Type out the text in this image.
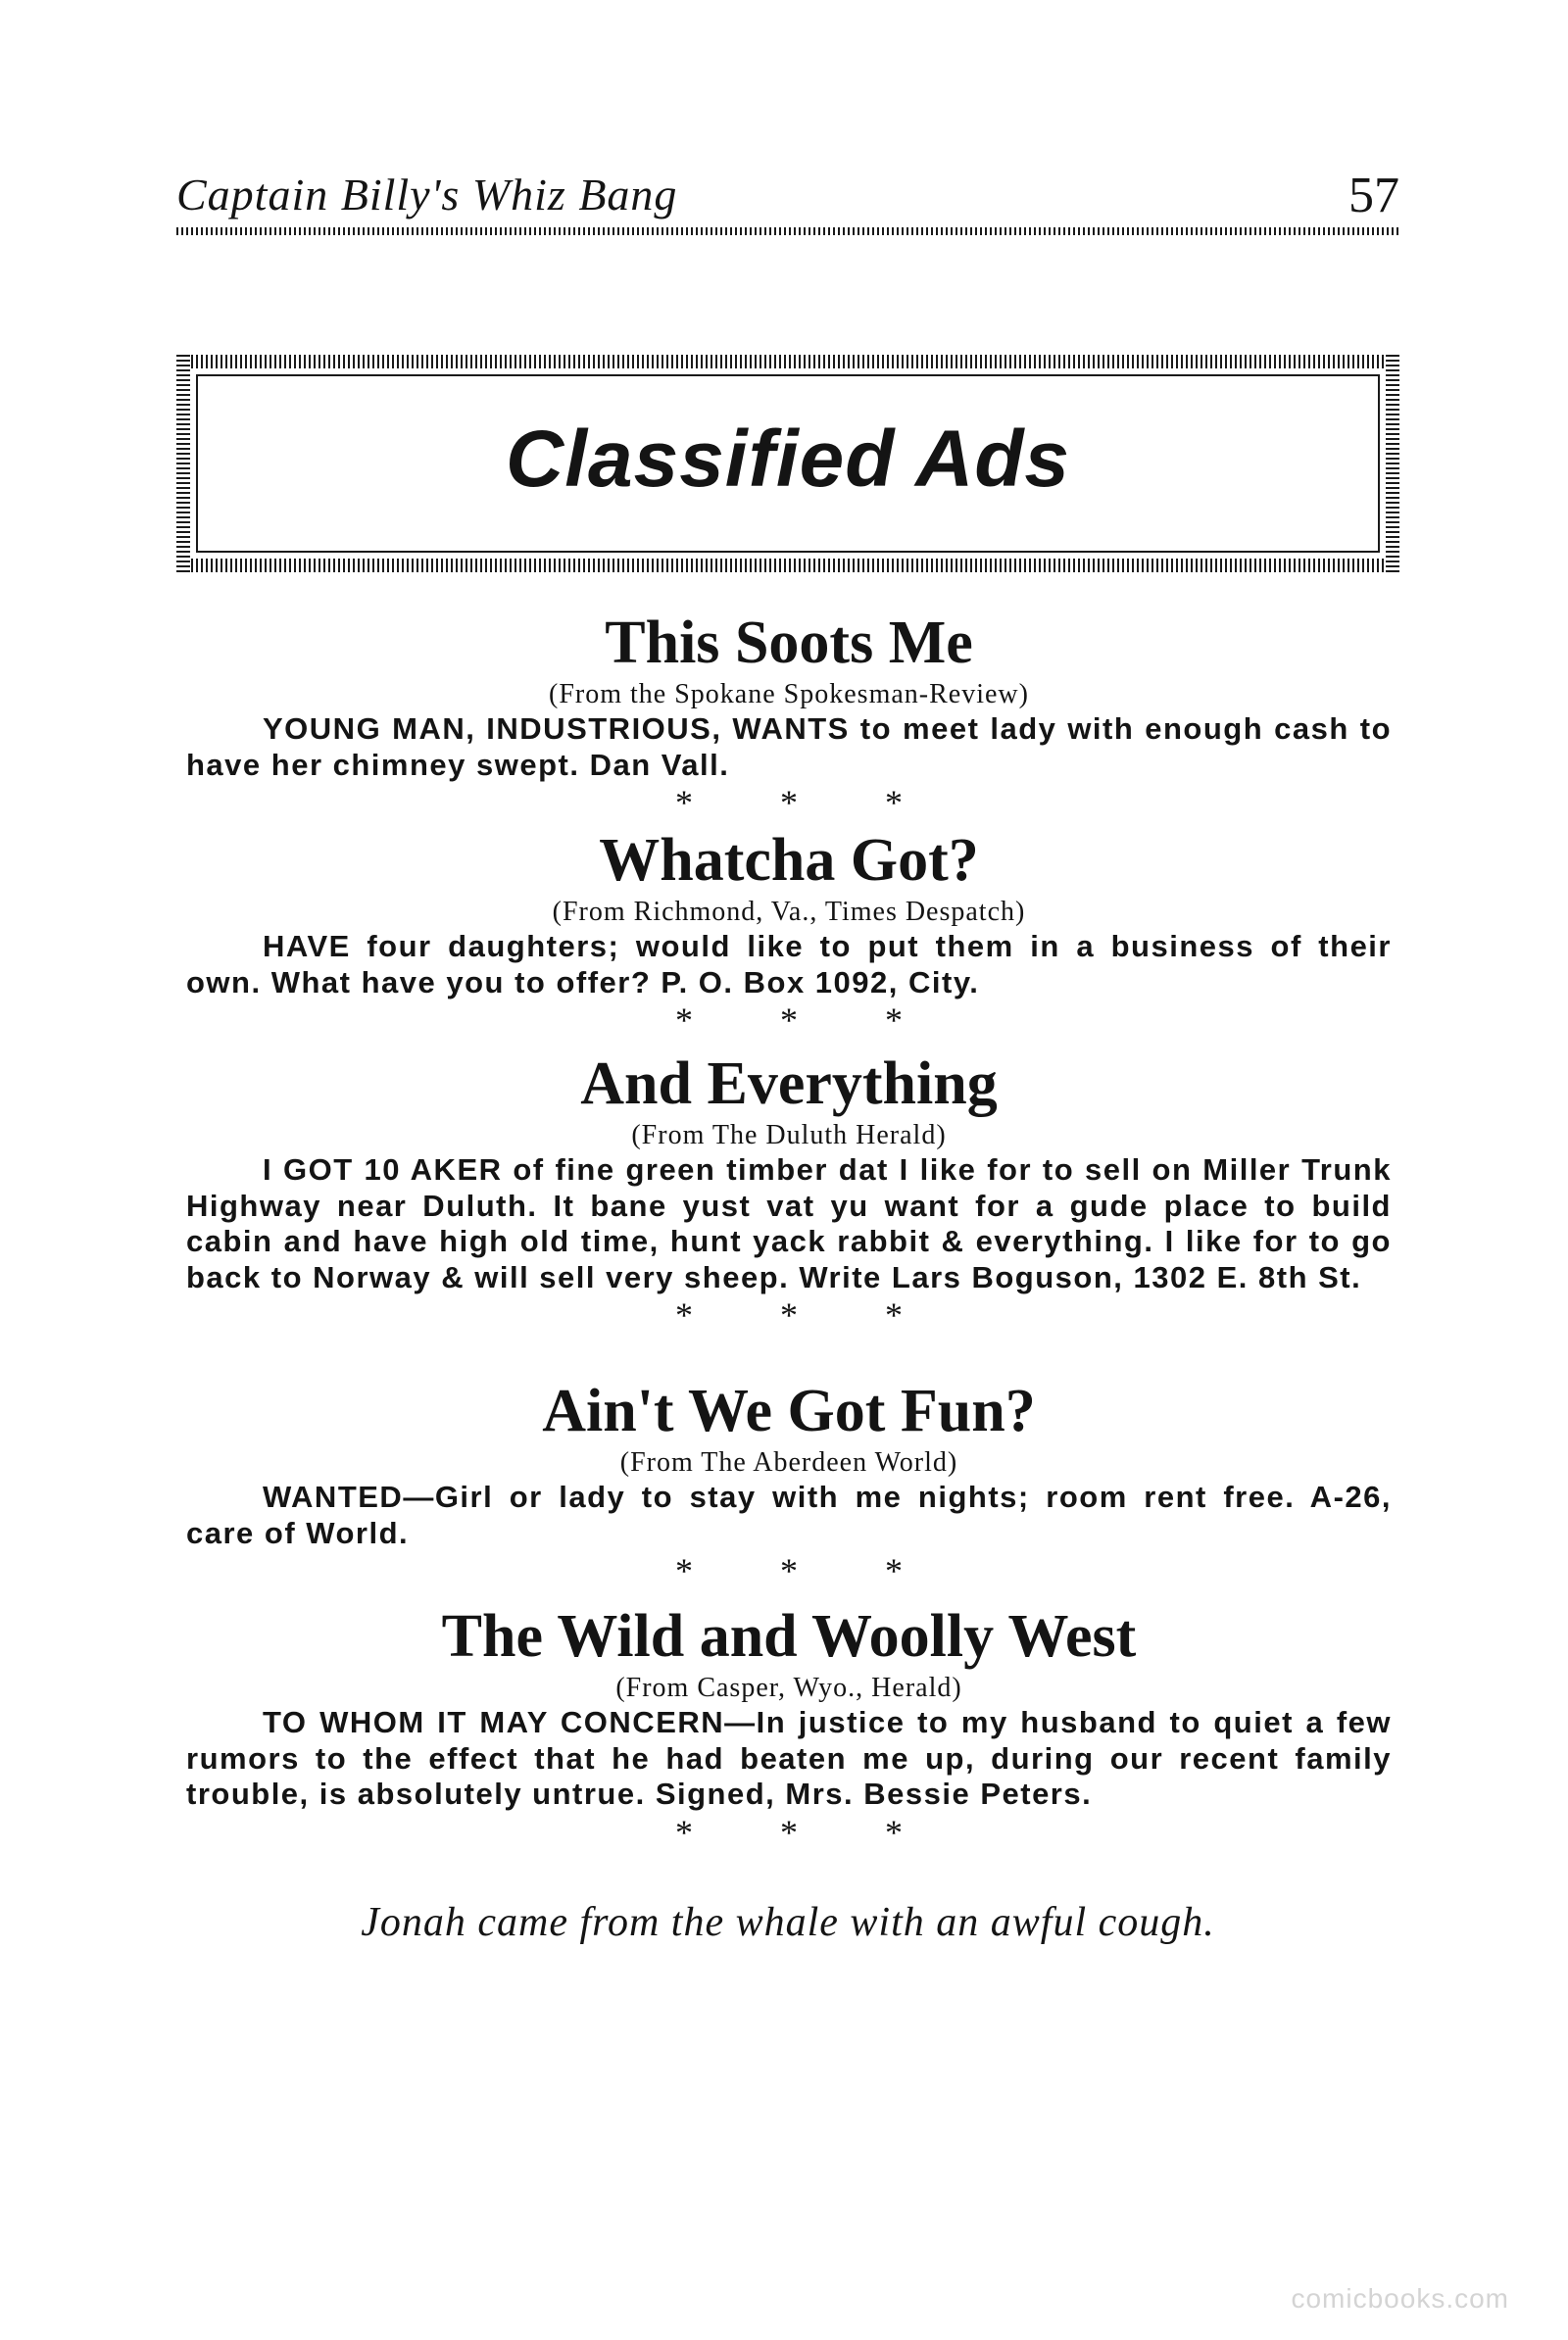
Captain Billy's Whiz Bang	57
Classified Ads
This Soots Me

(From the Spokane Spokesman-Review)

YOUNG MAN, INDUSTRIOUS, WANTS to meet lady with enough cash to have her chimney swept. Dan Vall.

* * *

Whatcha Got?

(From Richmond, Va., Times Despatch)

HAVE four daughters; would like to put them in a business of their own. What have you to offer? P. O. Box 1092, City.

* * *

And Everything

(From The Duluth Herald)

I GOT 10 AKER of fine green timber dat I like for to sell on Miller Trunk Highway near Duluth. It bane yust vat yu want for a gude place to build cabin and have high old time, hunt yack rabbit & everything. I like for to go back to Norway & will sell very sheep. Write Lars Boguson, 1302 E. 8th St.

* * *

Ain't We Got Fun?

(From The Aberdeen World)

WANTED—Girl or lady to stay with me nights; room rent free. A-26, care of World.

* * *

The Wild and Woolly West

(From Casper, Wyo., Herald)

TO WHOM IT MAY CONCERN—In justice to my husband to quiet a few rumors to the effect that he had beaten me up, during our recent family trouble, is absolutely untrue. Signed, Mrs. Bessie Peters.

* * *

Jonah came from the whale with an awful cough.
comicbooks.com
